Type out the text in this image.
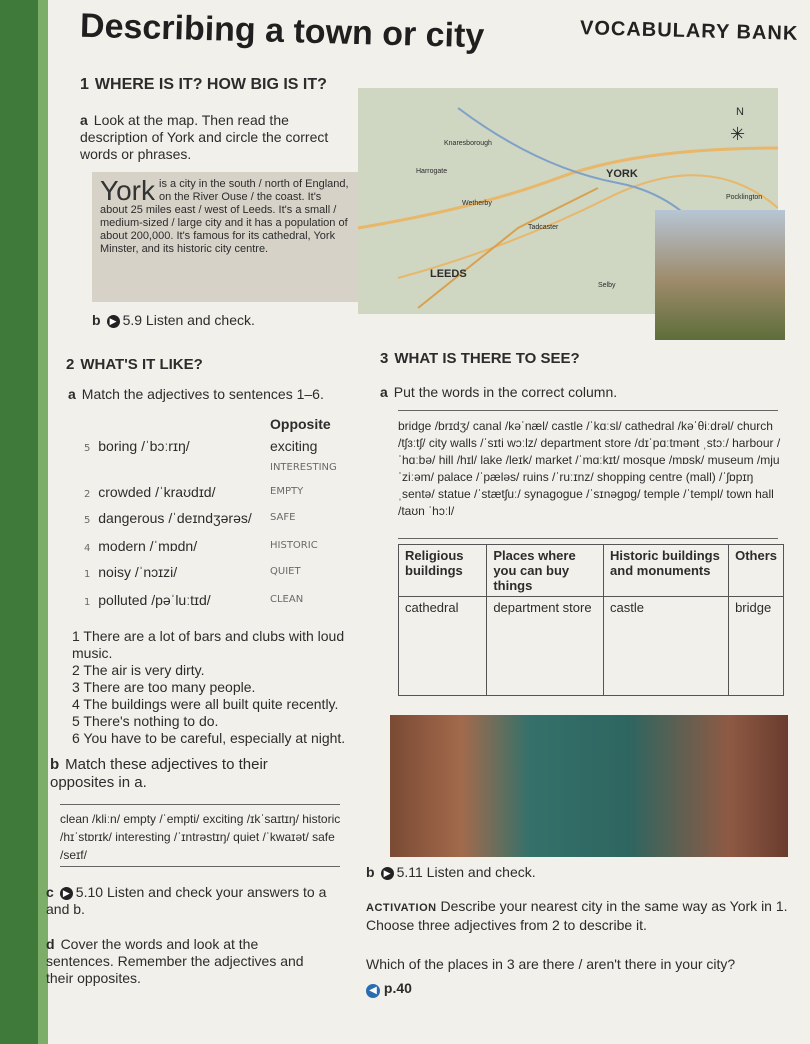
Describing a town or city	VOCABULARY BANK
1 WHERE IS IT? HOW BIG IS IT?
a Look at the map. Then read the description of York and circle the correct words or phrases.
York is a city in the south / north of England, on the River Ouse / the coast. It's about 25 miles east / west of Leeds. It's a small / medium-sized / large city and it has a population of about 200,000. It's famous for its cathedral, York Minster, and its historic city centre.
b ▶ 5.9 Listen and check.
YORK
LEEDS
N
✳
Knaresborough
Harrogate
Wetherby
Tadcaster
Selby
Pocklington
2 WHAT'S IT LIKE?
a Match the adjectives to sentences 1–6.
Opposite
5 boring /ˈbɔːrɪŋ/	exciting
INTERESTING
2 crowded /ˈkraʊdɪd/	EMPTY
5 dangerous /ˈdeɪndʒərəs/ SAFE
4 modern /ˈmɒdn/	HISTORIC
1 noisy /ˈnɔɪzi/	QUIET
1 polluted /pəˈluːtɪd/	CLEAN
1 There are a lot of bars and clubs with loud music.
2 The air is very dirty.
3 There are too many people.
4 The buildings were all built quite recently.
5 There's nothing to do.
6 You have to be careful, especially at night.
b Match these adjectives to their opposites in a.
clean /kliːn/ empty /ˈempti/ exciting /ɪkˈsaɪtɪŋ/ historic /hɪˈstɒrɪk/ interesting /ˈɪntrəstɪŋ/ quiet /ˈkwaɪət/ safe /seɪf/
c ▶ 5.10 Listen and check your answers to a and b.
d Cover the words and look at the sentences. Remember the adjectives and their opposites.
3 WHAT IS THERE TO SEE?
a Put the words in the correct column.
bridge /brɪdʒ/ canal /kəˈnæl/ castle /ˈkɑːsl/ cathedral /kəˈθiːdrəl/ church /tʃɜːtʃ/ city walls /ˈsɪti wɔːlz/ department store /dɪˈpɑːtmənt ˌstɔː/ harbour /ˈhɑːbə/ hill /hɪl/ lake /leɪk/ market /ˈmɑːkɪt/ mosque /mɒsk/ museum /mjuˈziːəm/ palace /ˈpæləs/ ruins /ˈruːɪnz/ shopping centre (mall) /ˈʃɒpɪŋ ˌsentə/ statue /ˈstætʃuː/ synagogue /ˈsɪnəgɒg/ temple /ˈtempl/ town hall /taʊn ˈhɔːl/
Religious buildings	Places where you can buy things	Historic buildings and monuments	Others
cathedral	department store	castle	bridge
b ▶ 5.11 Listen and check.
ACTIVATION Describe your nearest city in the same way as York in 1. Choose three adjectives from 2 to describe it.
Which of the places in 3 are there / aren't there in your city?
◀ p.40
